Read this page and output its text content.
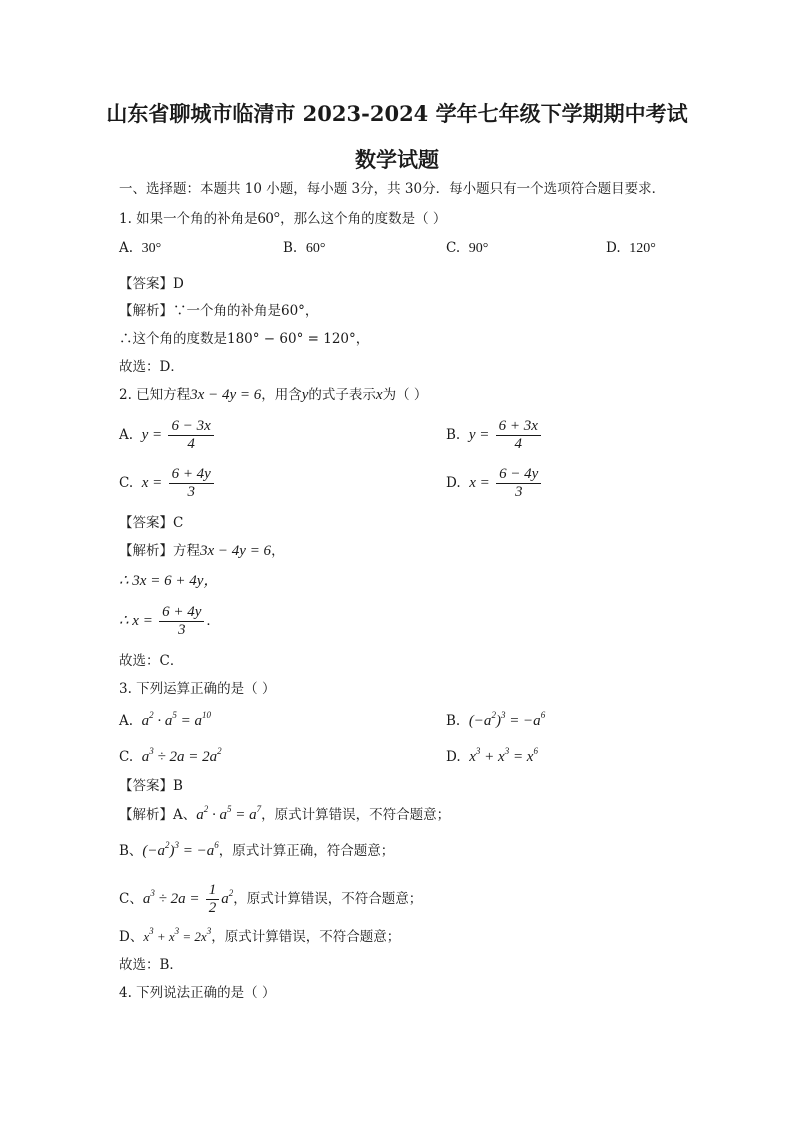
山东省聊城市临清市 2023-2024 学年七年级下学期期中考试
数学试题
一、选择题：本题共 10 小题，每小题 3分，共 30分．每小题只有一个选项符合题目要求．
1. 如果一个角的补角是60°，那么这个角的度数是（ ）
A. 30°	B. 60°	C. 90°	D. 120°
【答案】D
【解析】∵一个角的补角是60°，
∴这个角的度数是180° − 60° = 120°，
故选：D．
2. 已知方程3x − 4y = 6，用含y的式子表示x为（ ）
A. $y = \frac{6 - 3x}{4}$	B. $y = \frac{6 + 3x}{4}$
C. $x = \frac{6 + 4y}{3}$	D. $x = \frac{6 - 4y}{3}$
【答案】C
【解析】方程3x − 4y = 6，
∴ 3x = 6 + 4y，
∴ $x = \frac{6 + 4y}{3}$ ．
故选：C．
3. 下列运算正确的是（ ）
A. $a^2 \cdot a^5 = a^{10}$	B. $(-a^2)^3 = -a^6$
C. $a^3 \div 2a = 2a^2$	D. $x^3 + x^3 = x^6$
【答案】B
【解析】A、$a^2 \cdot a^5 = a^7$，原式计算错误，不符合题意；
B、$(-a^2)^3 = -a^6$，原式计算正确，符合题意；
C、$a^3 \div 2a = \frac{1}{2} a^2$，原式计算错误，不符合题意；
D、$x^3 + x^3 = 2x^3$，原式计算错误，不符合题意；
故选：B．
4. 下列说法正确的是（ ）
